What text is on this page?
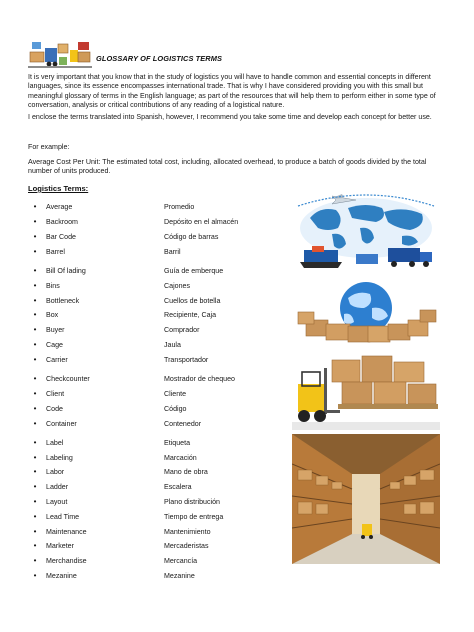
GLOSSARY OF LOGISTICS TERMS
It is very important that you know that in the study of logistics you will have to handle common and essential concepts in different languages, since its essence encompasses international trade. That is why I have considered providing you with this small but meaningful glossary of terms in the English language; as part of the resources that will help them to perform either in some type of conversation, analysis or critical contributions of any reading of a logistical nature.
I enclose the terms translated into Spanish, however, I recommend you take some time and develop each concept for better use.
For example:
Average Cost Per Unit: The estimated total cost, including, allocated overhead, to produce a batch of goods divided by the total number of units produced.
Logistics Terms:
•	Average	Promedio
•	Backroom	Depósito en el almacén
•	Bar Code	Código de barras
•	Barrel	Barril
•	Bill Of lading	Guía de emberque
•	Bins	Cajones
•	Bottleneck	Cuellos de botella
•	Box	Recipiente, Caja
•	Buyer	Comprador
•	Cage	Jaula
•	Carrier	Transportador
•	Checkcounter	Mostrador de chequeo
•	Client	Cliente
•	Code	Código
•	Container	Contenedor
•	Label	Etiqueta
•	Labeling	Marcación
•	Labor	Mano de obra
•	Ladder	Escalera
•	Layout	Plano distribución
•	Lead Time	Tiempo de entrega
•	Maintenance	Mantenimiento
•	Marketer	Mercaderistas
•	Merchandise	Mercancía
•	Mezanine	Mezanine
